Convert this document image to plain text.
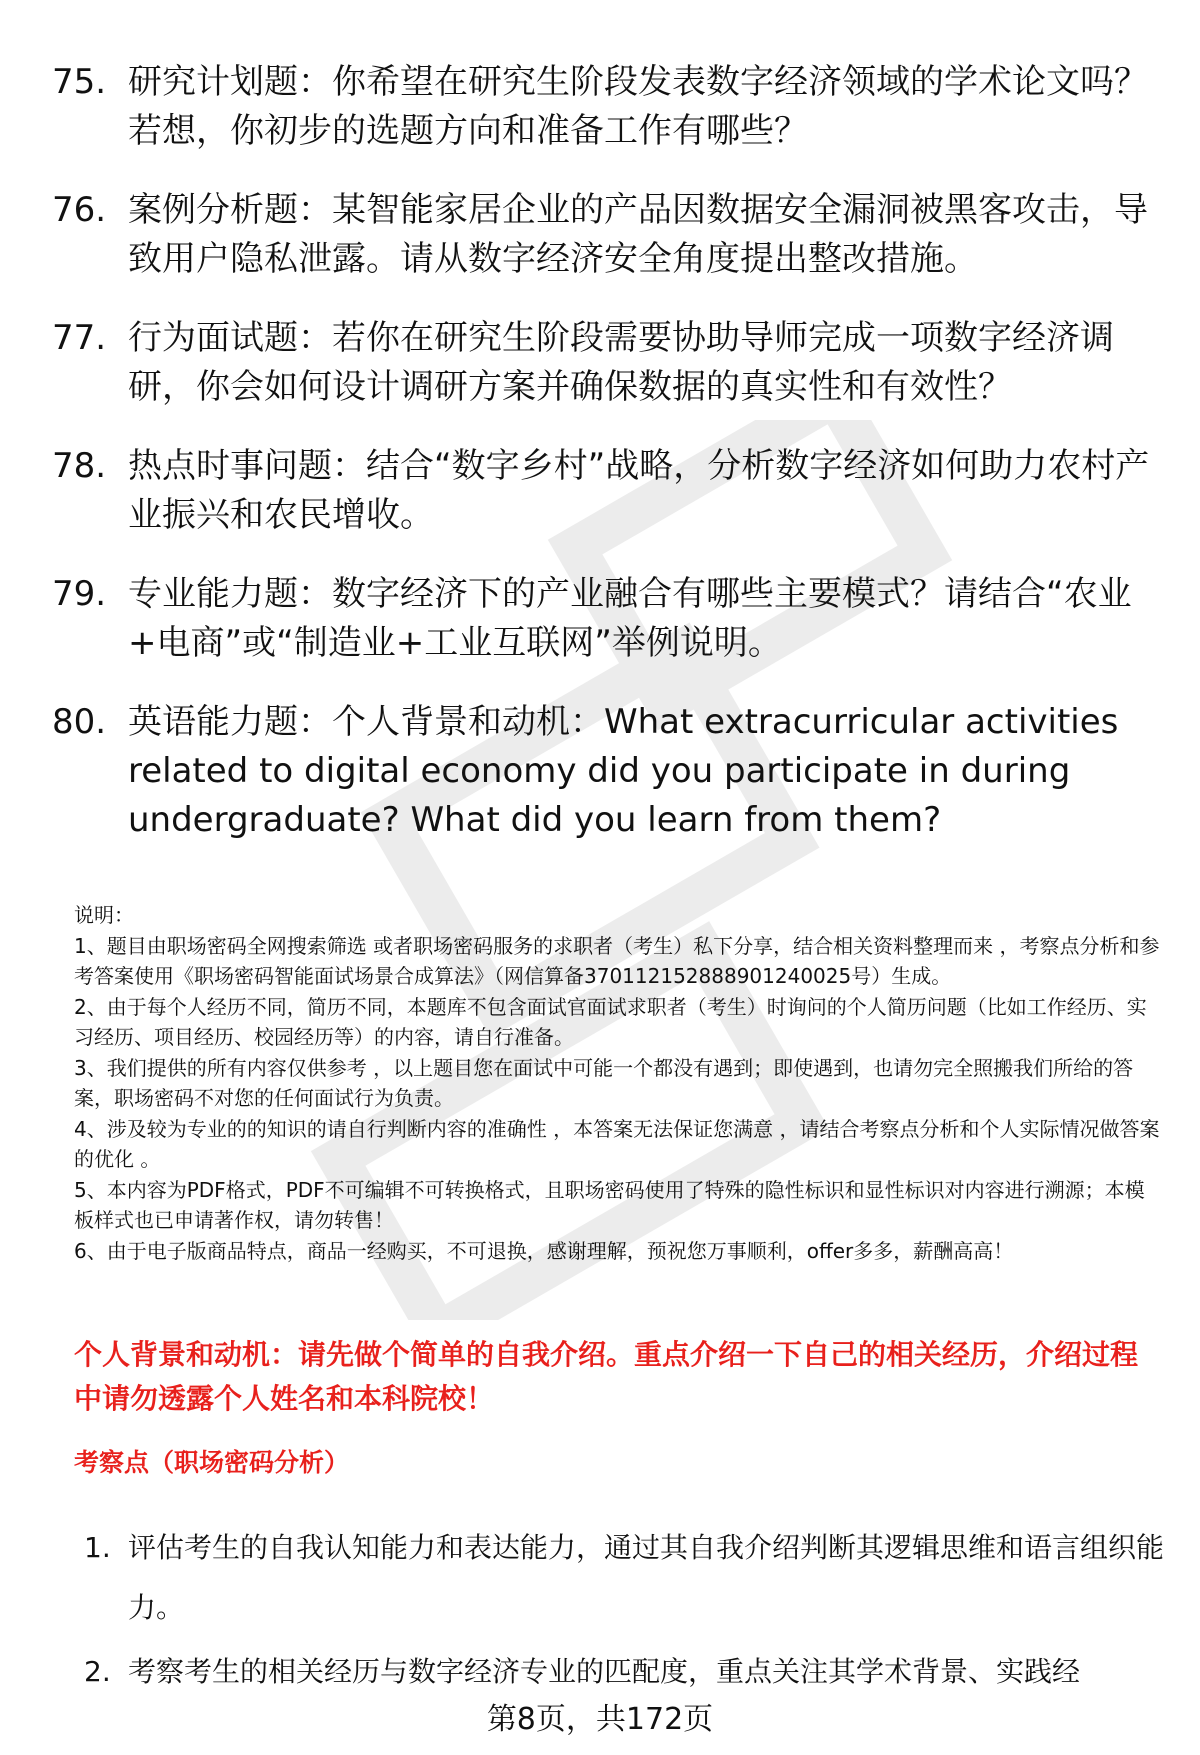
75. 研究计划题：你希望在研究生阶段发表数字经济领域的学术论文吗？若想，你初步的选题方向和准备工作有哪些？
76. 案例分析题：某智能家居企业的产品因数据安全漏洞被黑客攻击，导致用户隐私泄露。请从数字经济安全角度提出整改措施。
77. 行为面试题：若你在研究生阶段需要协助导师完成一项数字经济调研，你会如何设计调研方案并确保数据的真实性和有效性？
78. 热点时事问题：结合“数字乡村”战略，分析数字经济如何助力农村产业振兴和农民增收。
79. 专业能力题：数字经济下的产业融合有哪些主要模式？请结合“农业+电商”或“制造业+工业互联网”举例说明。
80. 英语能力题：个人背景和动机：What extracurricular activities related to digital economy did you participate in during undergraduate? What did you learn from them?
说明：
1、题目由职场密码全网搜索筛选 或者职场密码服务的求职者（考生）私下分享，结合相关资料整理而来 ，考察点分析和参考答案使用《职场密码智能面试场景合成算法》（网信算备370112152888901240025号）生成。
2、由于每个人经历不同，简历不同，本题库不包含面试官面试求职者（考生）时询问的个人简历问题（比如工作经历、实习经历、项目经历、校园经历等）的内容，请自行准备。
3、我们提供的所有内容仅供参考 ，以上题目您在面试中可能一个都没有遇到；即使遇到，也请勿完全照搬我们所给的答案，职场密码不对您的任何面试行为负责。
4、涉及较为专业的的知识的请自行判断内容的准确性 ，本答案无法保证您满意 ，请结合考察点分析和个人实际情况做答案的优化 。
5、本内容为PDF格式，PDF不可编辑不可转换格式，且职场密码使用了特殊的隐性标识和显性标识对内容进行溯源；本模板样式也已申请著作权，请勿转售！
6、由于电子版商品特点，商品一经购买，不可退换，感谢理解，预祝您万事顺利，offer多多，薪酬高高！
个人背景和动机：请先做个简单的自我介绍。重点介绍一下自己的相关经历，介绍过程中请勿透露个人姓名和本科院校！
考察点（职场密码分析）
1. 评估考生的自我认知能力和表达能力，通过其自我介绍判断其逻辑思维和语言组织能力。
2. 考察考生的相关经历与数字经济专业的匹配度，重点关注其学术背景、实践经
第8页，共172页
